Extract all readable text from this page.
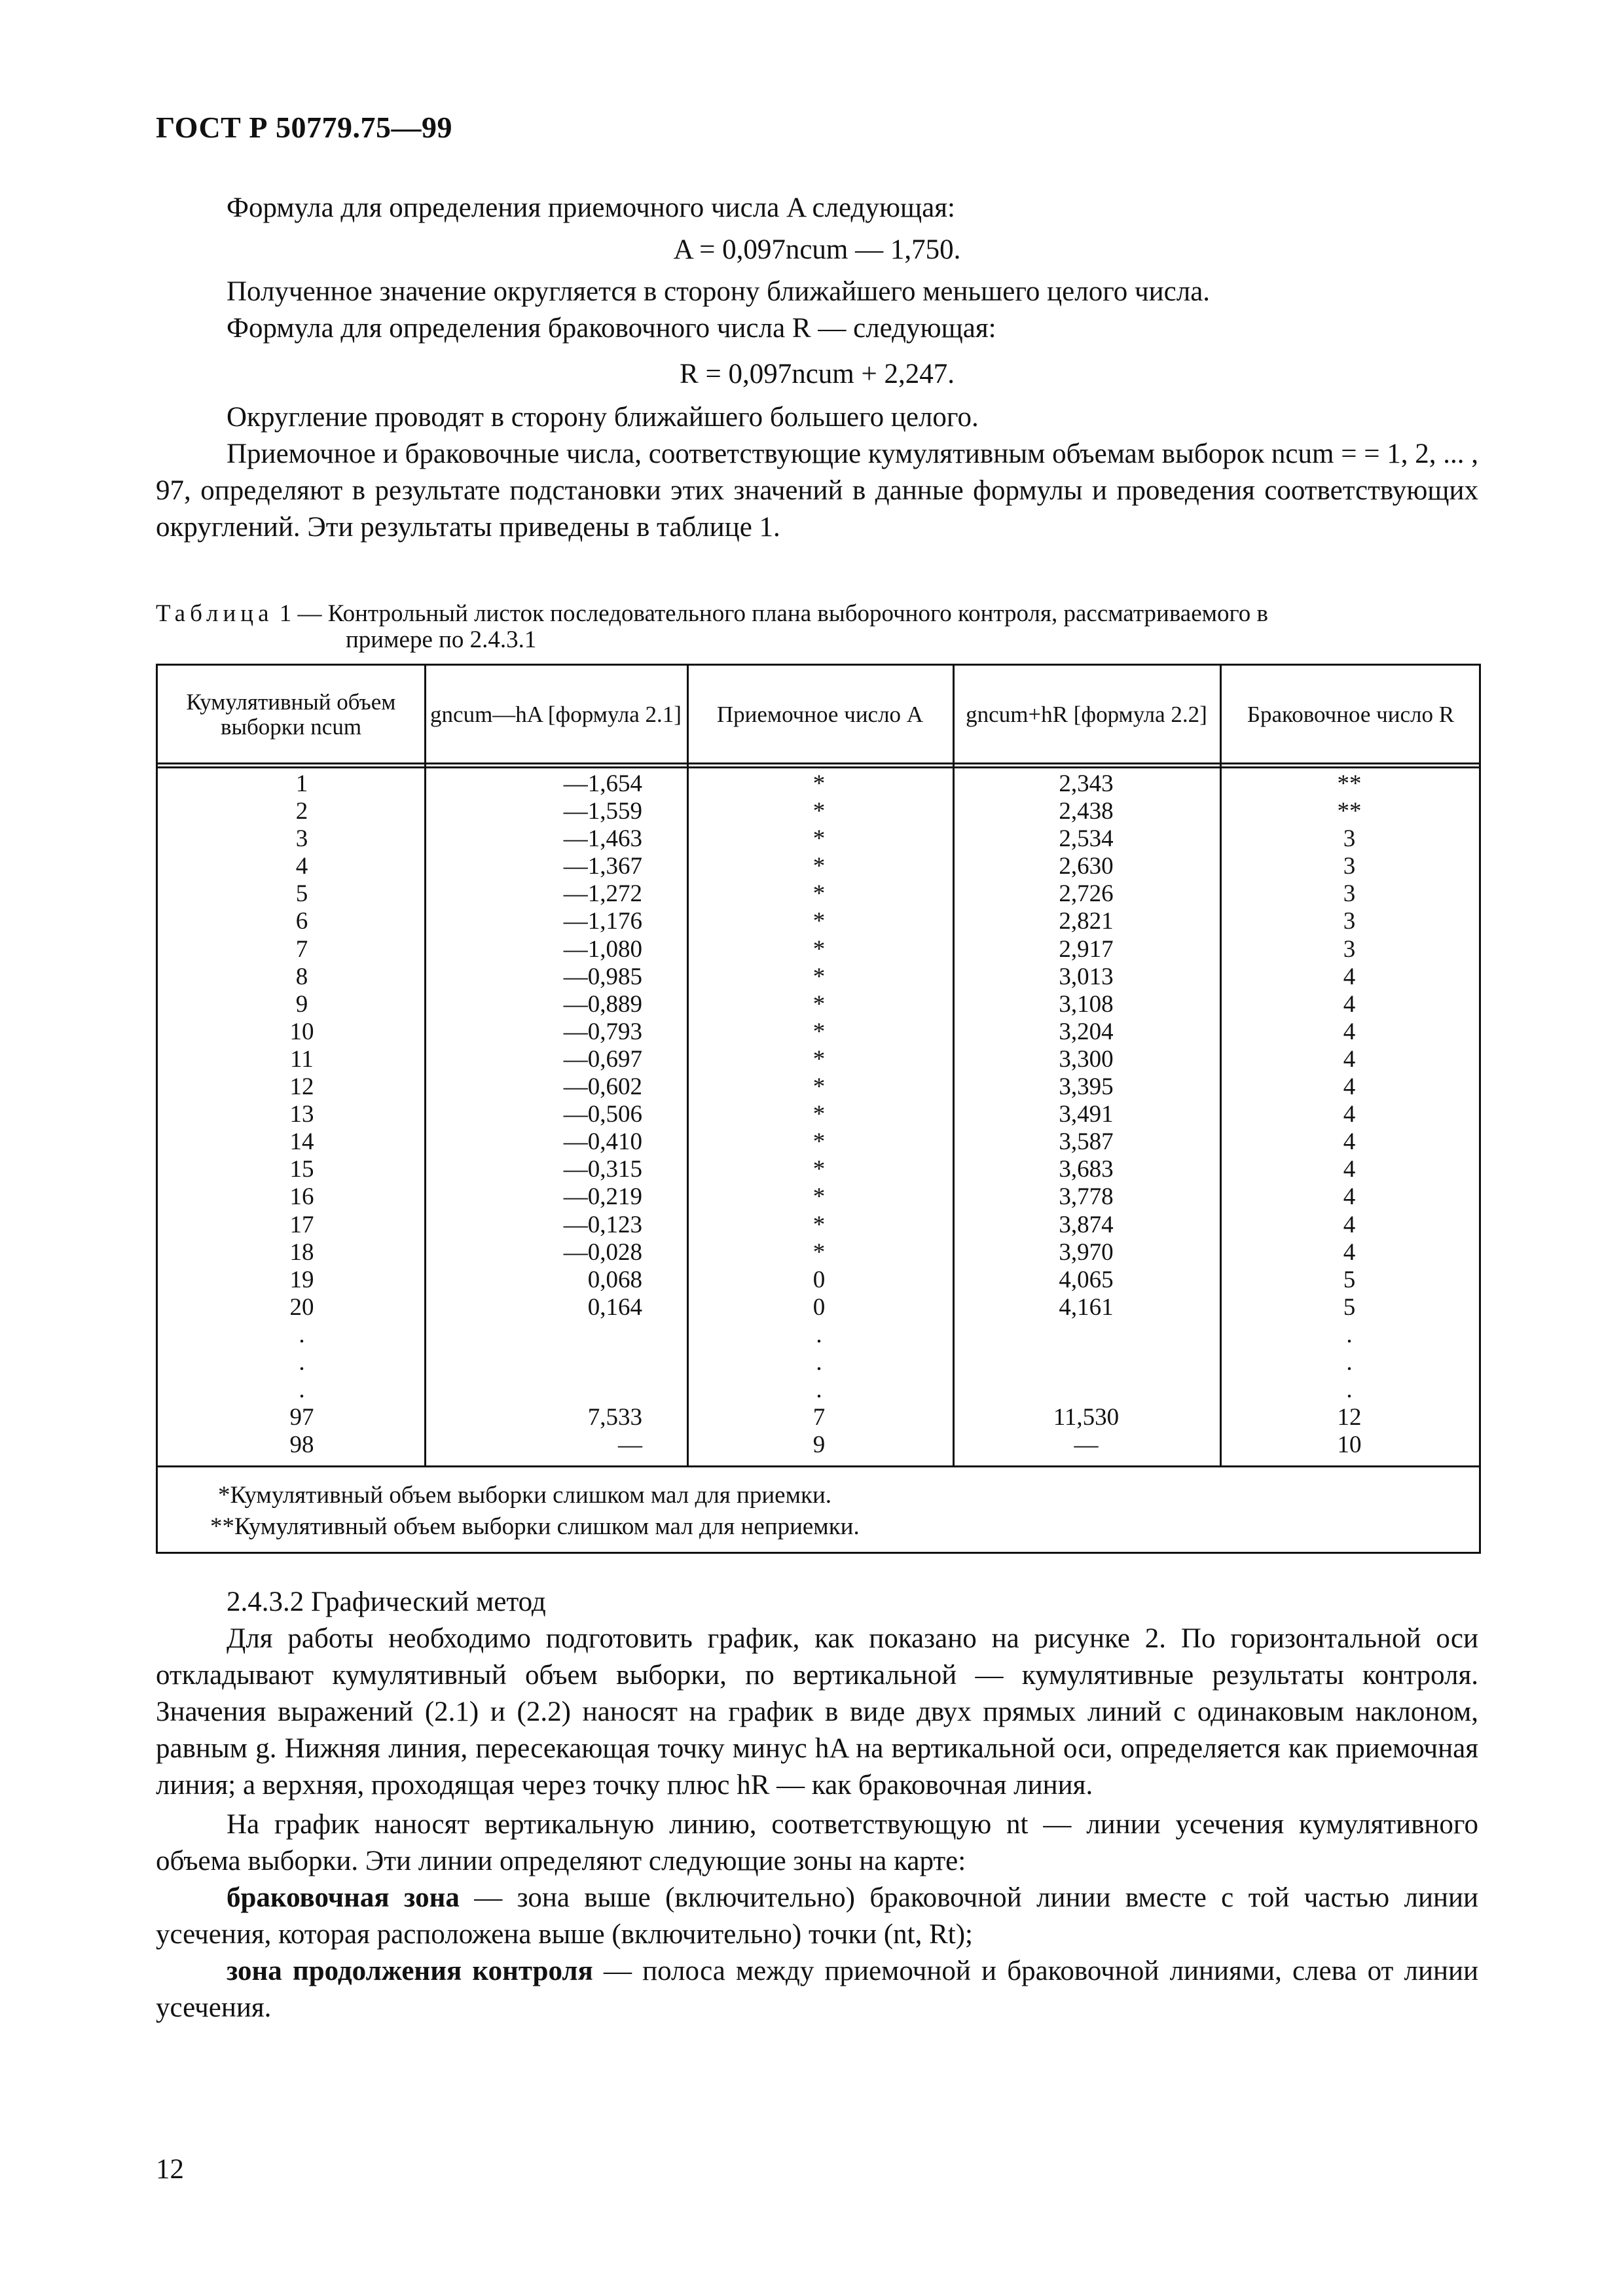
ГОСТ Р 50779.75—99

Формула для определения приемочного числа A следующая:

A = 0,097ncum — 1,750.

Полученное значение округляется в сторону ближайшего меньшего целого числа.

Формула для определения браковочного числа R — следующая:

R = 0,097ncum + 2,247.

Округление проводят в сторону ближайшего большего целого.

Приемочное и браковочные числа, соответствующие кумулятивным объемам выборок ncum = = 1, 2, ... , 97, определяют в результате подстановки этих значений в данные формулы и проведения соответствующих округлений. Эти результаты приведены в таблице 1.

Таблица 1 — Контрольный листок последовательного плана выборочного контроля, рассматриваемого в
примере по 2.4.3.1
Кумулятивный объем выборки ncum	gncum—hA [формула 2.1] Приемочное число A gncum+hR [формула 2.2] Браковочное число R
1
2
3
4
5
6
7
8
9
10
11
12
13
14
15
16
17
18
19
20
.
.
.
97
98
—1,654
—1,559
—1,463
—1,367
—1,272
—1,176
—1,080
—0,985
—0,889
—0,793
—0,697
—0,602
—0,506
—0,410
—0,315
—0,219
—0,123
—0,028
0,068
0,164
7,533
—
*
*
*
*
*
*
*
*
*
*
*
*
*
*
*
*
*
*
0
0
.
.
.
7
9
2,343
2,438
2,534
2,630
2,726
2,821
2,917
3,013
3,108
3,204
3,300
3,395
3,491
3,587
3,683
3,778
3,874
3,970
4,065
4,161
11,530
—
**
**
3
3
3
3
3
4
4
4
4
4
4
4
4
4
4
4
5
5
.
.
.
12
10
*Кумулятивный объем выборки слишком мал для приемки.
**Кумулятивный объем выборки слишком мал для неприемки.

2.4.3.2 Графический метод

Для работы необходимо подготовить график, как показано на рисунке 2. По горизонтальной оси откладывают кумулятивный объем выборки, по вертикальной — кумулятивные результаты контроля. Значения выражений (2.1) и (2.2) наносят на график в виде двух прямых линий с одинаковым наклоном, равным g. Нижняя линия, пересекающая точку минус hA на вертикальной оси, определяется как приемочная линия; а верхняя, проходящая через точку плюс hR — как браковочная линия.

На график наносят вертикальную линию, соответствующую nt — линии усечения кумулятивного объема выборки. Эти линии определяют следующие зоны на карте:

браковочная зона — зона выше (включительно) браковочной линии вместе с той частью линии усечения, которая расположена выше (включительно) точки (nt, Rt);

зона продолжения контроля — полоса между приемочной и браковочной линиями, слева от линии усечения.

12
